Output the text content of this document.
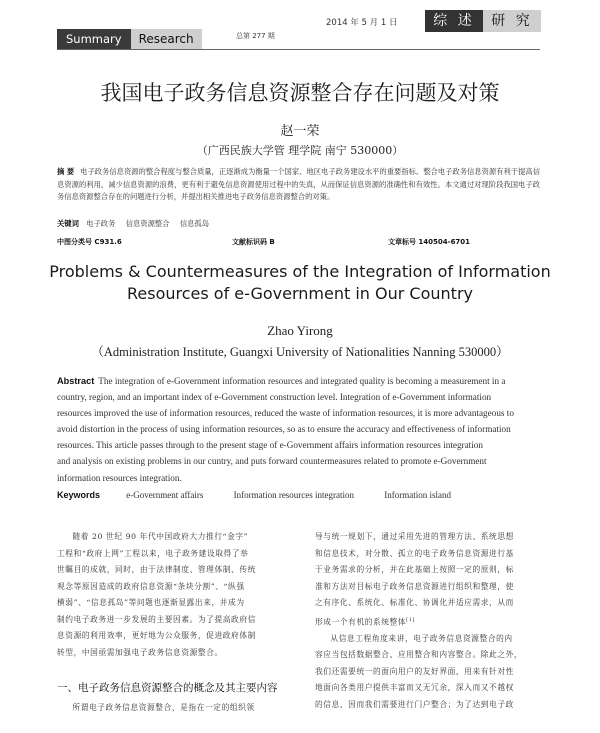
Summary	Research	总第 277 期
2014 年 5 月 1 日	综 述	研 究
我国电子政务信息资源整合存在问题及对策
赵一荣
（广西民族大学管 理学院 南宁 530000）
摘 要 电子政务信息资源的整合程度与整合质量，正逐渐成为衡量一个国家、地区电子政务建设水平的重要指标。整合电子政务信息资源有利于提高信息资源的利用，减少信息资源的浪费，更有利于避免信息资源使用过程中的失真，从而保证信息资源的准确性和有效性。本文通过对现阶段我国电子政务信息资源整合存在的问题进行分析，并提出相关推进电子政务信息资源整合的对策。
关键词 电子政务 信息资源整合 信息孤岛
中图分类号 C931.6	文献标识码 B	文章标号 140504-6701
Problems & Countermeasures of the Integration of Information
Resources of e-Government in Our Country
Zhao Yirong
（Administration Institute, Guangxi University of Nationalities Nanning 530000）
Abstract The integration of e-Government information resources and integrated quality is becoming a measurement in a
country, region, and an important index of e-Government construction level. Integration of e-Government information
resources improved the use of information resources, reduced the waste of information resources, it is more advantageous to
avoid distortion in the process of using information resources, so as to ensure the accuracy and effectiveness of information
resources. This article passes through to the present stage of e-Government affairs information resources integration
and analysis on existing problems in our cuntry, and puts forward countermeasures related to promote e-Government
information resources integration.
Keywords	e-Government affairs	Information resources integration	Information island
随着 20 世纪 90 年代中国政府大力推行“金字”
工程和“政府上网”工程以来，电子政务建设取得了举
世瞩目的成就，同时，由于法律制度、管理体制、传统
观念等原因造成的政府信息资源“条块分割”、“纵强
横弱”、“信息孤岛”等问题也逐渐显露出来，并成为
制约电子政务进一步发展的主要因素。为了提高政府信
息资源的利用效率，更好地为公众服务，促进政府体制
转型，中国亟需加强电子政务信息资源整合。
一、电子政务信息资源整合的概念及其主要内容
所谓电子政务信息资源整合，是指在一定的组织领
导与统一规划下，通过采用先进的管理方法、系统思想
和信息技术，对分散、孤立的电子政务信息资源进行基
于业务需求的分析，并在此基础上按照一定的原则，标
准和方法对目标电子政务信息资源进行组织和整理，使
之有序化、系统化、标准化、协调化并适应需求，从而
形成一个有机的系统整体[1]
从信息工程角度来讲，电子政务信息资源整合的内
容应当包括数据整合、应用整合和内容整合。除此之外，
我们还需要统一的面向用户的友好界面，用来有针对性
地面向各类用户提供丰富而又无冗余，深入而又不越权
的信息，因而我们需要进行门户整合；为了达到电子政
